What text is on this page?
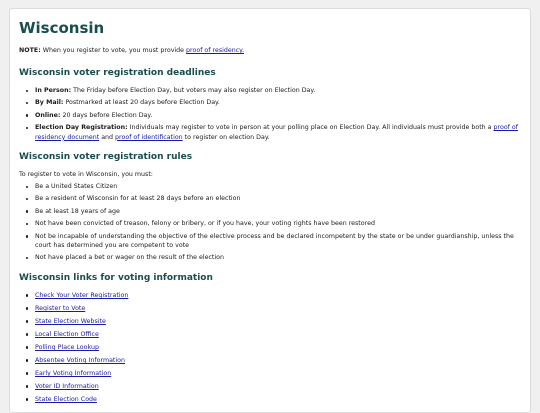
Wisconsin

NOTE: When you register to vote, you must provide proof of residency.

Wisconsin voter registration deadlines
In Person: The Friday before Election Day, but voters may also register on Election Day.
By Mail: Postmarked at least 20 days before Election Day.
Online: 20 days before Election Day.
Election Day Registration: Individuals may register to vote in person at your polling place on Election Day. All individuals must provide both a proof of residency document and proof of identification to register on election Day.
Wisconsin voter registration rules

To register to vote in Wisconsin, you must:

Be a United States Citizen
Be a resident of Wisconsin for at least 28 days before an election
Be at least 18 years of age
Not have been convicted of treason, felony or bribery, or if you have, your voting rights have been restored
Not be incapable of understanding the objective of the elective process and be declared incompetent by the state or be under guardianship, unless the court has determined you are competent to vote
Not have placed a bet or wager on the result of the election
Wisconsin links for voting information
Check Your Voter Registration
Register to Vote
State Election Website
Local Election Office
Polling Place Lookup
Absentee Voting Information
Early Voting Information
Voter ID Information
State Election Code
